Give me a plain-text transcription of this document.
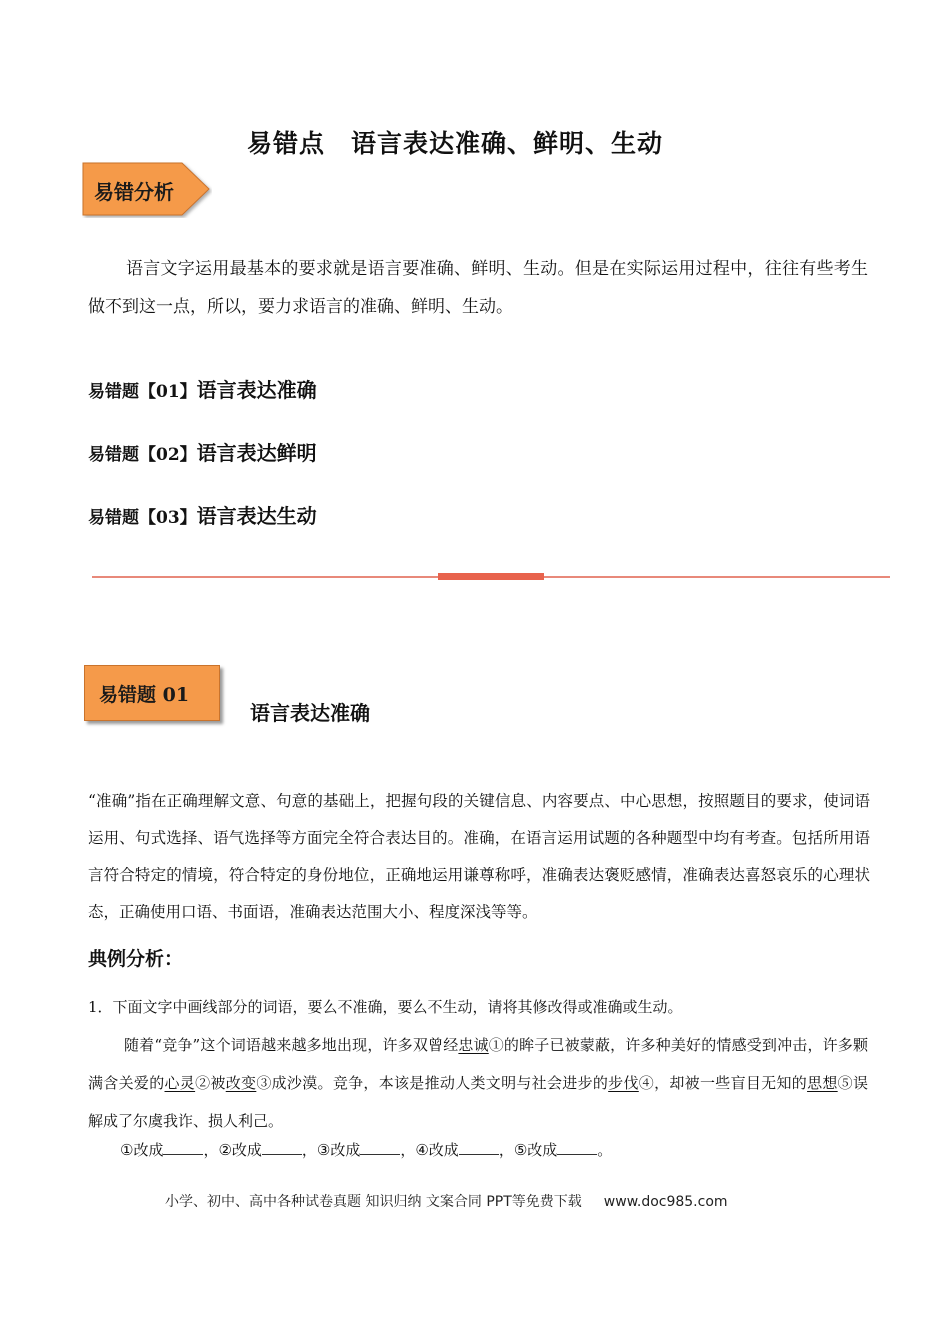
易错点 语言表达准确、鲜明、生动
易错分析
语言文字运用最基本的要求就是语言要准确、鲜明、生动。但是在实际运用过程中，往往有些考生做不到这一点，所以，要力求语言的准确、鲜明、生动。
易错题【01】语言表达准确
易错题【02】语言表达鲜明
易错题【03】语言表达生动
易错题 01
语言表达准确
“准确”指在正确理解文意、句意的基础上，把握句段的关键信息、内容要点、中心思想，按照题目的要求，使词语运用、句式选择、语气选择等方面完全符合表达目的。准确，在语言运用试题的各种题型中均有考查。包括所用语言符合特定的情境，符合特定的身份地位，正确地运用谦尊称呼，准确表达褒贬感情，准确表达喜怒哀乐的心理状态，正确使用口语、书面语，准确表达范围大小、程度深浅等等。
典例分析：
1．下面文字中画线部分的词语，要么不准确，要么不生动，请将其修改得或准确或生动。
随着“竞争”这个词语越来越多地出现，许多双曾经忠诚①的眸子已被蒙蔽，许多种美好的情感受到冲击，许多颗满含关爱的心灵②被改变③成沙漠。竞争，本该是推动人类文明与社会进步的步伐④，却被一些盲目无知的思想⑤误解成了尔虞我诈、损人利己。
①改成	，②改成	，③改成	，④改成	，⑤改成	。
小学、初中、高中各种试卷真题 知识归纳 文案合同 PPT等免费下载 www.doc985.com
